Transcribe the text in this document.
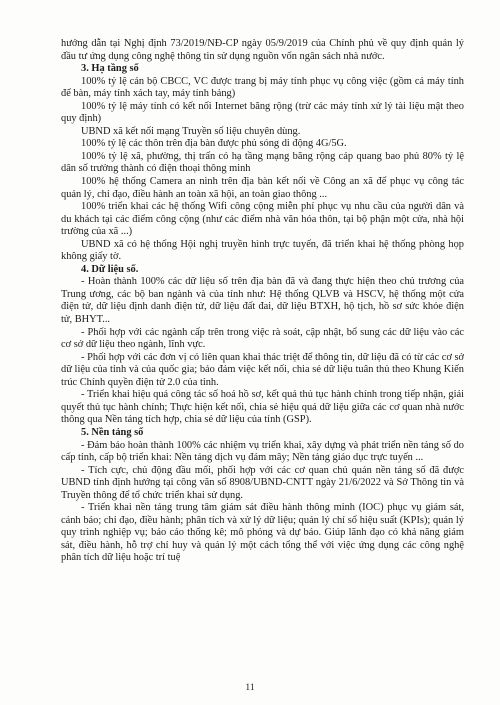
hướng dẫn tại Nghị định 73/2019/NĐ-CP ngày 05/9/2019 của Chính phủ về quy định quản lý đầu tư ứng dụng công nghệ thông tin sử dụng nguồn vốn ngân sách nhà nước.

3. Hạ tầng số

100% tỷ lệ cán bộ CBCC, VC được trang bị máy tính phục vụ công việc (gồm cả máy tính để bàn, máy tính xách tay, máy tính bảng)

100% tỷ lệ máy tính có kết nối Internet băng rộng (trừ các máy tính xử lý tài liệu mật theo quy định)

UBND xã kết nối mạng Truyền số liệu chuyên dùng.

100% tỷ lệ các thôn trên địa bàn được phủ sóng di động 4G/5G.

100% tỷ lệ xã, phường, thị trấn có hạ tầng mạng băng rộng cáp quang bao phủ 80% tỷ lệ dân số trưởng thành có điện thoại thông minh

100% hệ thống Camera an ninh trên địa bàn kết nối về Công an xã để phục vụ công tác quản lý, chỉ đạo, điều hành an toàn xã hội, an toàn giao thông ...

100% triển khai các hệ thống Wifi công cộng miễn phí phục vụ nhu cầu của người dân và du khách tại các điểm công cộng (như các điểm nhà văn hóa thôn, tại bộ phận một cửa, nhà hội trường của xã ...)

UBND xã có hệ thống Hội nghị truyền hình trực tuyến, đã triển khai hệ thống phòng họp không giấy tờ.

4. Dữ liệu số.

- Hoàn thành 100% các dữ liệu số trên địa bàn đã và đang thực hiện theo chủ trương của Trung ương, các bộ ban ngành và của tỉnh như: Hệ thống QLVB và HSCV, hệ thống một cửa điện tử, dữ liệu định danh điện tử, dữ liệu đất đai, dữ liệu BTXH, hộ tịch, hồ sơ sức khỏe điện tử, BHYT...

- Phối hợp với các ngành cấp trên trong việc rà soát, cập nhật, bổ sung các dữ liệu vào các cơ sở dữ liệu theo ngành, lĩnh vực.

- Phối hợp với các đơn vị có liên quan khai thác triệt để thông tin, dữ liệu đã có từ các cơ sở dữ liệu của tỉnh và của quốc gia; bảo đảm việc kết nối, chia sẻ dữ liệu tuân thủ theo Khung Kiến trúc Chính quyền điện tử 2.0 của tỉnh.

- Triển khai hiệu quả công tác số hoá hồ sơ, kết quả thủ tục hành chính trong tiếp nhận, giải quyết thủ tục hành chính; Thực hiện kết nối, chia sẻ hiệu quả dữ liệu giữa các cơ quan nhà nước thông qua Nền tảng tích hợp, chia sẻ dữ liệu của tỉnh (GSP).

5. Nền tảng số

- Đảm bảo hoàn thành 100% các nhiệm vụ triển khai, xây dựng và phát triển nền tảng số do cấp tỉnh, cấp bộ triển khai: Nền tảng dịch vụ đám mây; Nền tảng giáo dục trực tuyến ...

- Tích cực, chủ động đầu mối, phối hợp với các cơ quan chủ quản nền tảng số đã được UBND tỉnh định hướng tại công văn số 8908/UBND-CNTT ngày 21/6/2022 và Sở Thông tin và Truyền thông để tổ chức triển khai sử dụng.

- Triển khai nền tảng trung tâm giám sát điều hành thông minh (IOC) phục vụ giám sát, cảnh báo; chỉ đạo, điều hành; phân tích và xử lý dữ liệu; quản lý chỉ số hiệu suất (KPIs); quản lý quy trình nghiệp vụ; báo cáo thống kê; mô phỏng và dự báo. Giúp lãnh đạo có khả năng giám sát, điều hành, hỗ trợ chỉ huy và quản lý một cách tổng thể với việc ứng dụng các công nghệ phân tích dữ liệu hoặc trí tuệ

11
